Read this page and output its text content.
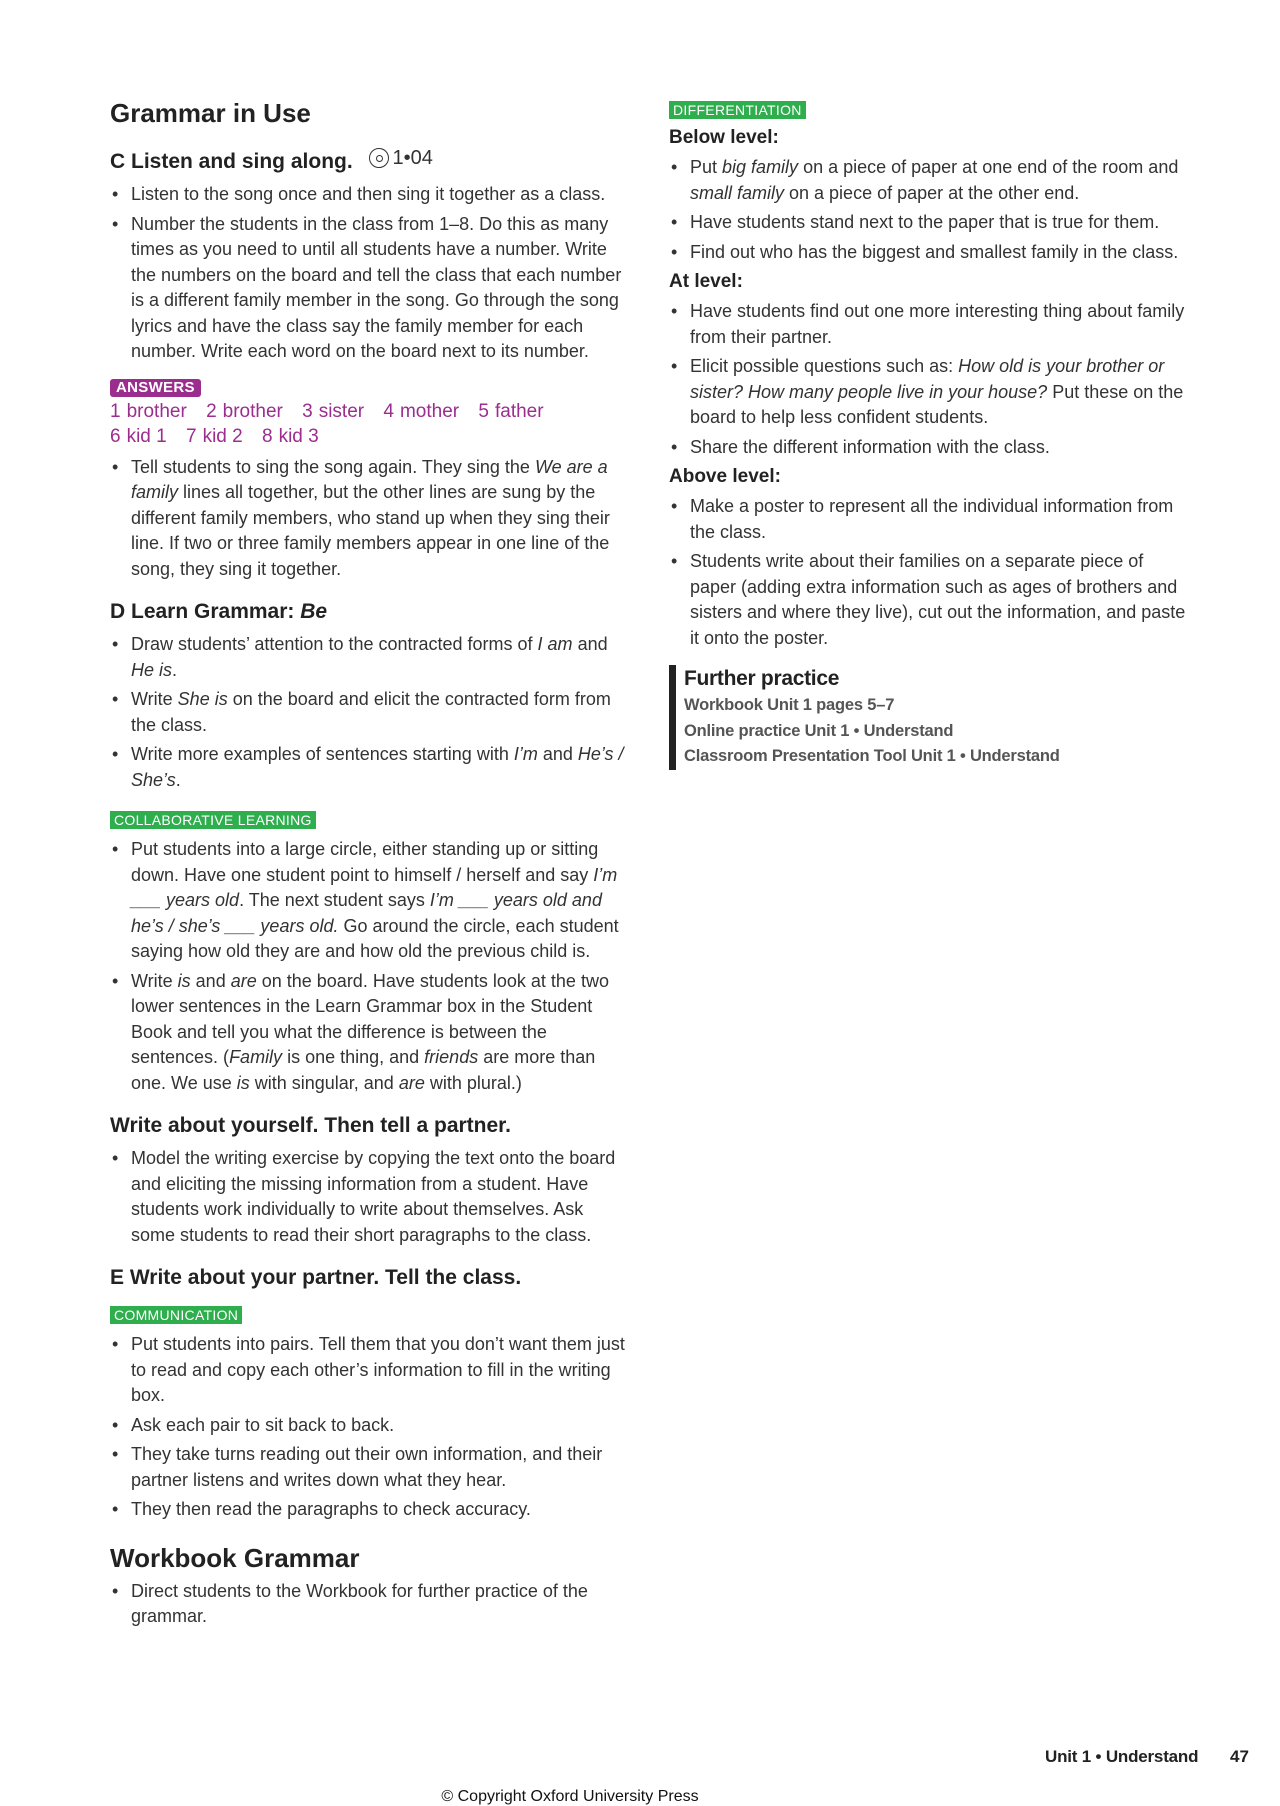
Grammar in Use
C Listen and sing along. 1•04
• Listen to the song once and then sing it together as a class.
• Number the students in the class from 1–8. Do this as many times as you need to until all students have a number. Write the numbers on the board and tell the class that each number is a different family member in the song. Go through the song lyrics and have the class say the family member for each number. Write each word on the board next to its number.
ANSWERS
1 brother 2 brother 3 sister 4 mother 5 father
6 kid 1 7 kid 2 8 kid 3
• Tell students to sing the song again. They sing the We are a family lines all together, but the other lines are sung by the different family members, who stand up when they sing their line. If two or three family members appear in one line of the song, they sing it together.
D Learn Grammar: Be
• Draw students’ attention to the contracted forms of I am and He is.
• Write She is on the board and elicit the contracted form from the class.
• Write more examples of sentences starting with I’m and He’s / She’s.
COLLABORATIVE LEARNING
• Put students into a large circle, either standing up or sitting down. Have one student point to himself / herself and say I’m ___ years old. The next student says I’m ___ years old and he’s / she’s ___ years old. Go around the circle, each student saying how old they are and how old the previous child is.
• Write is and are on the board. Have students look at the two lower sentences in the Learn Grammar box in the Student Book and tell you what the difference is between the sentences. (Family is one thing, and friends are more than one. We use is with singular, and are with plural.)
Write about yourself. Then tell a partner.
• Model the writing exercise by copying the text onto the board and eliciting the missing information from a student. Have students work individually to write about themselves. Ask some students to read their short paragraphs to the class.
E Write about your partner. Tell the class.
COMMUNICATION
• Put students into pairs. Tell them that you don’t want them just to read and copy each other’s information to fill in the writing box.
• Ask each pair to sit back to back.
• They take turns reading out their own information, and their partner listens and writes down what they hear.
• They then read the paragraphs to check accuracy.
Workbook Grammar
• Direct students to the Workbook for further practice of the grammar.
DIFFERENTIATION
Below level:
• Put big family on a piece of paper at one end of the room and small family on a piece of paper at the other end.
• Have students stand next to the paper that is true for them.
• Find out who has the biggest and smallest family in the class.
At level:
• Have students find out one more interesting thing about family from their partner.
• Elicit possible questions such as: How old is your brother or sister? How many people live in your house? Put these on the board to help less confident students.
• Share the different information with the class.
Above level:
• Make a poster to represent all the individual information from the class.
• Students write about their families on a separate piece of paper (adding extra information such as ages of brothers and sisters and where they live), cut out the information, and paste it onto the poster.
Further practice
Workbook Unit 1 pages 5–7
Online practice Unit 1 • Understand
Classroom Presentation Tool Unit 1 • Understand
Unit 1 • Understand 47
© Copyright Oxford University Press
